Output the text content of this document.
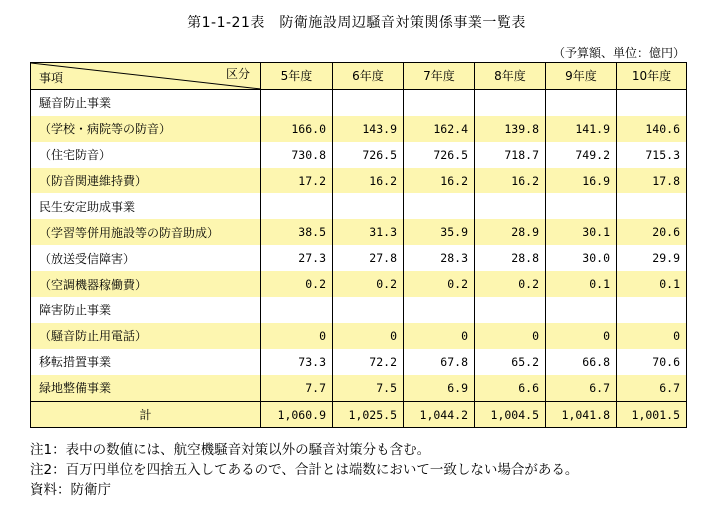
第1-1-21表　防衛施設周辺騒音対策関係事業一覧表
（予算額、単位：億円）
事項 区分	5年度	6年度	7年度	8年度	9年度	10年度
騒音防止事業						
（学校・病院等の防音）	166.0	143.9	162.4	139.8	141.9	140.6
（住宅防音）	730.8	726.5	726.5	718.7	749.2	715.3
（防音関連維持費）	17.2	16.2	16.2	16.2	16.9	17.8
民生安定助成事業						
（学習等併用施設等の防音助成）	38.5	31.3	35.9	28.9	30.1	20.6
（放送受信障害）	27.3	27.8	28.3	28.8	30.0	29.9
（空調機器稼働費）	0.2	0.2	0.2	0.2	0.1	0.1
障害防止事業						
（騒音防止用電話）	0	0	0	0	0	0
移転措置事業	73.3	72.2	67.8	65.2	66.8	70.6
緑地整備事業	7.7	7.5	6.9	6.6	6.7	6.7
計	1,060.9	1,025.5	1,044.2	1,004.5	1,041.8	1,001.5
注1：表中の数値には、航空機騒音対策以外の騒音対策分も含む。
注2：百万円単位を四捨五入してあるので、合計とは端数において一致しない場合がある。
資料：防衛庁
